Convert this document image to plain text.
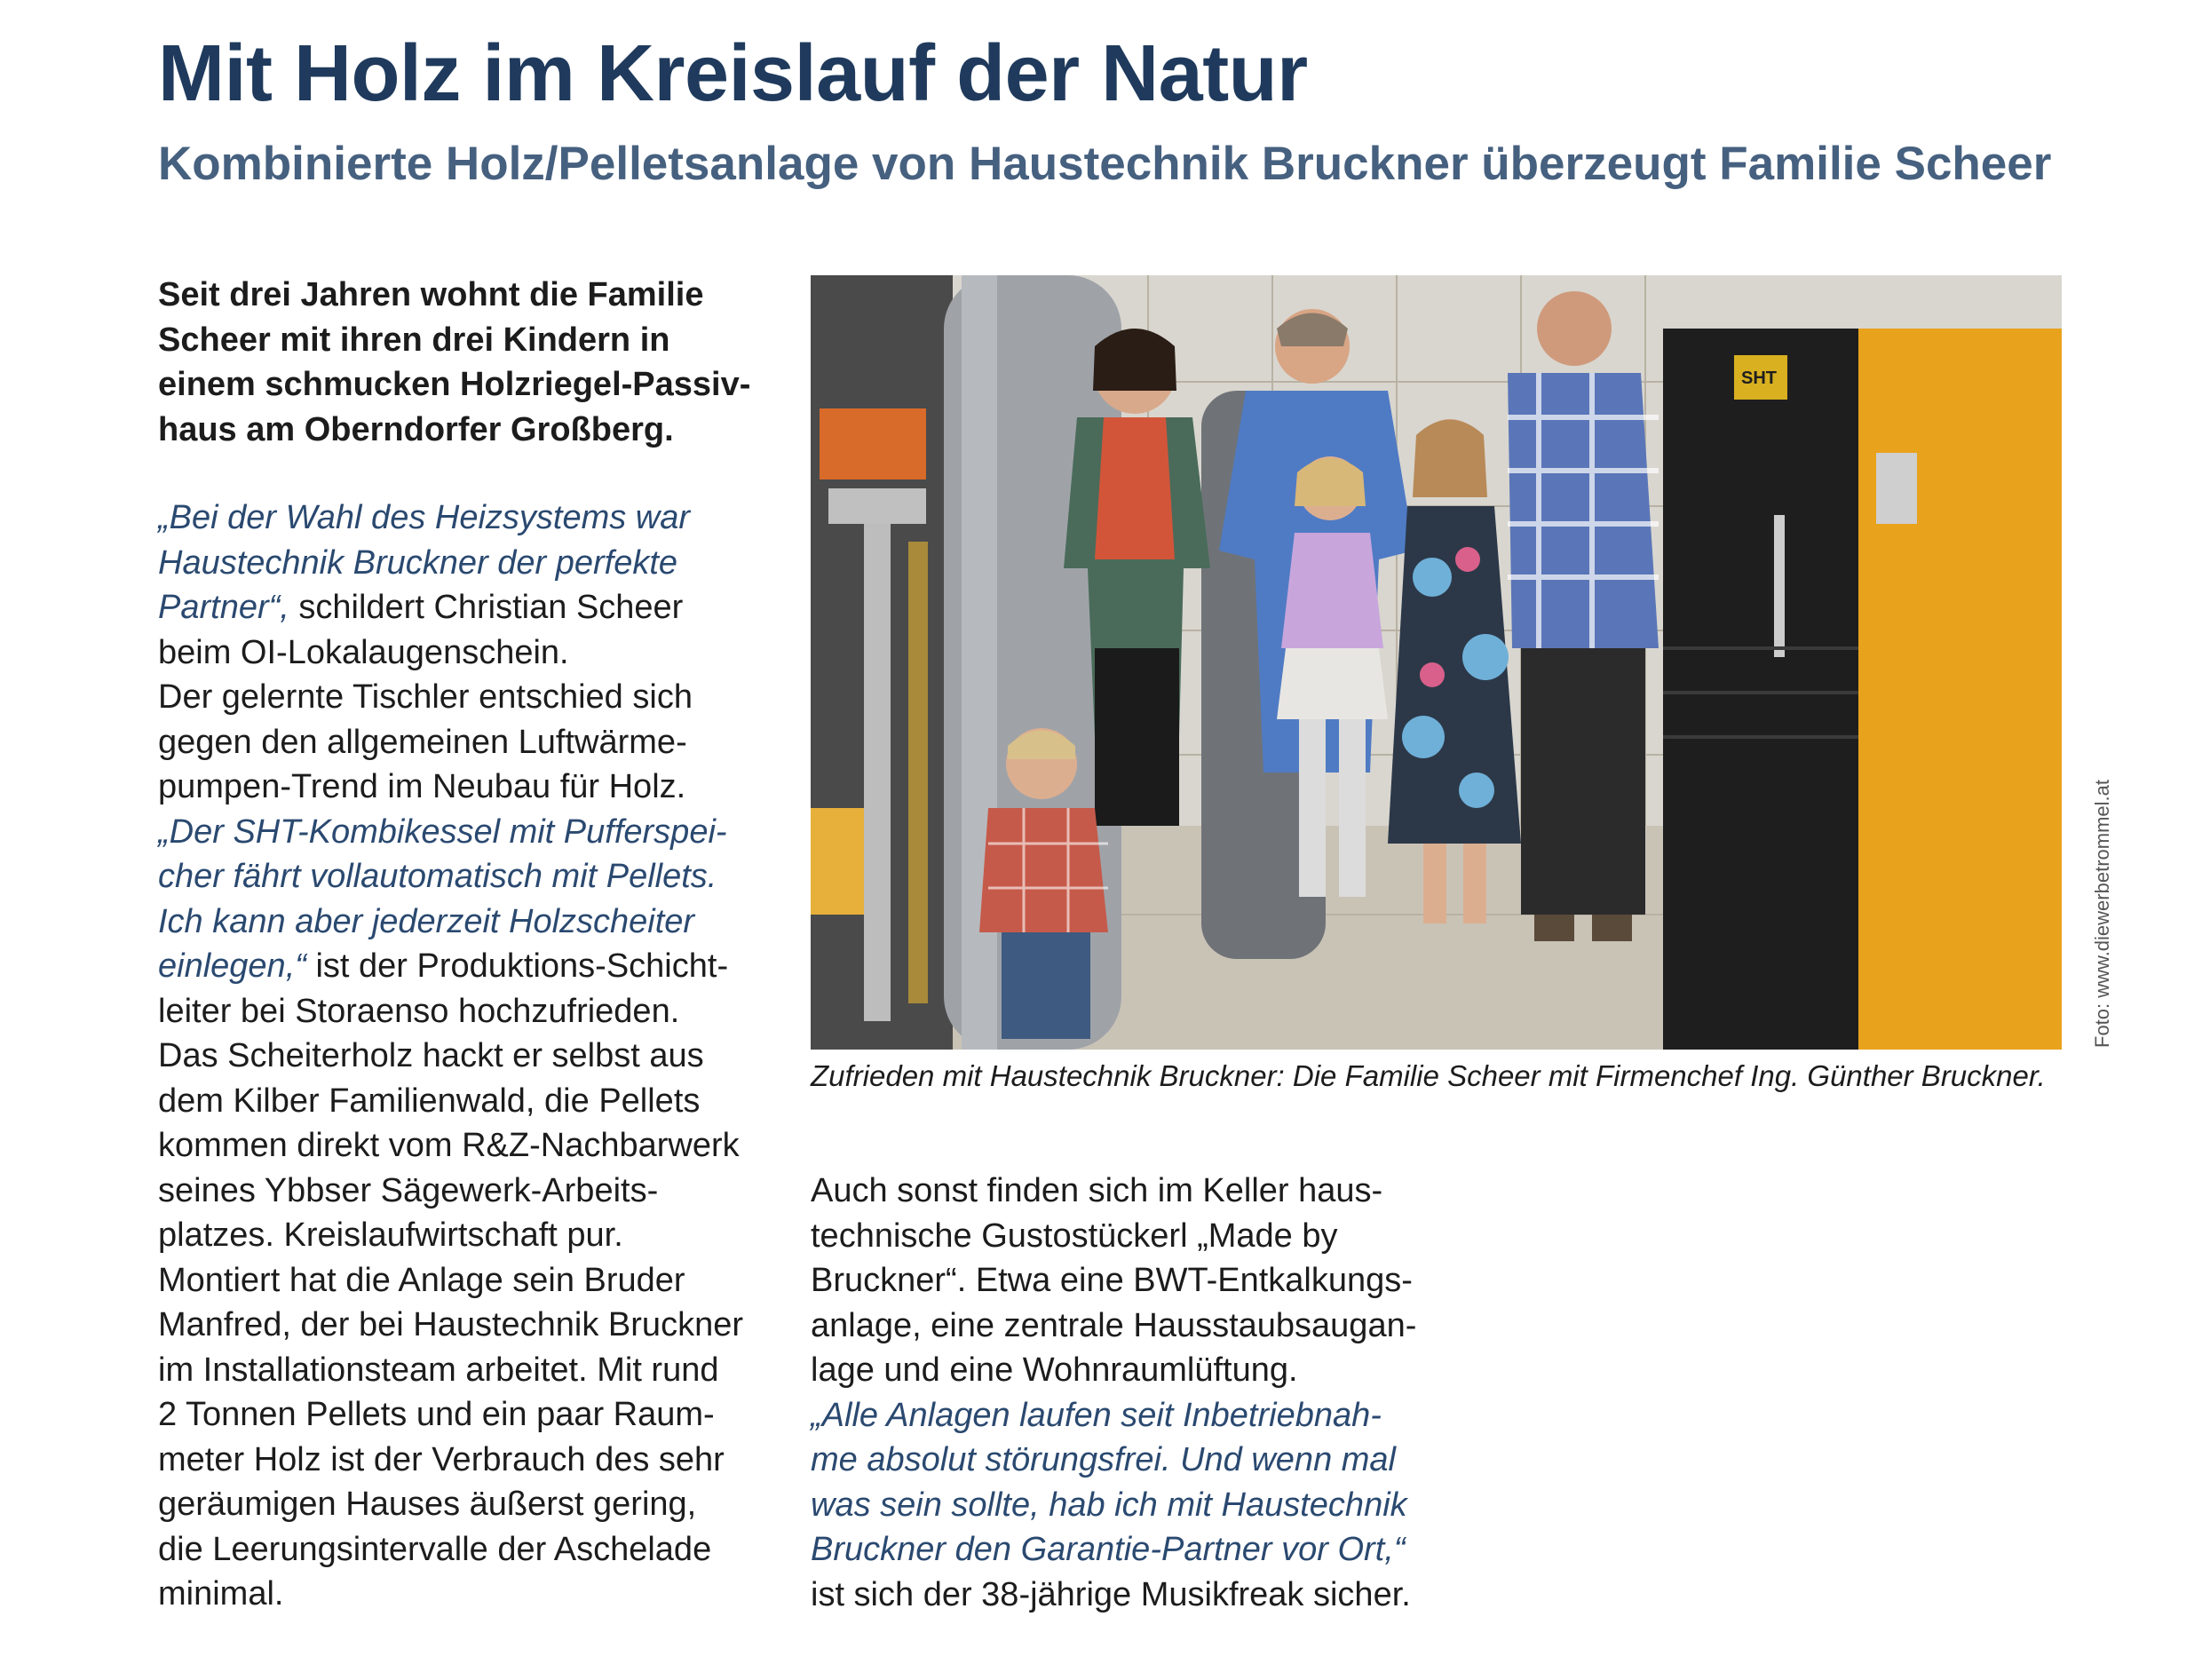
Mit Holz im Kreislauf der Natur
Kombinierte Holz/Pelletsanlage von Haustechnik Bruckner überzeugt Familie Scheer
Seit drei Jahren wohnt die Familie
Scheer mit ihren drei Kindern in
einem schmucken Holzriegel-Passiv-
haus am Oberndorfer Großberg.
„Bei der Wahl des Heizsystems war
Haustechnik Bruckner der perfekte
Partner“, schildert Christian Scheer
beim OI-Lokalaugenschein.
Der gelernte Tischler entschied sich
gegen den allgemeinen Luftwärme-
pumpen-Trend im Neubau für Holz.
„Der SHT-Kombikessel mit Pufferspei-
cher fährt vollautomatisch mit Pellets.
Ich kann aber jederzeit Holzscheiter
einlegen,“ ist der Produktions-Schicht-
leiter bei Storaenso hochzufrieden.
Das Scheiterholz hackt er selbst aus
dem Kilber Familienwald, die Pellets
kommen direkt vom R&Z-Nachbarwerk
seines Ybbser Sägewerk-Arbeits-
platzes. Kreislaufwirtschaft pur.
Montiert hat die Anlage sein Bruder
Manfred, der bei Haustechnik Bruckner
im Installationsteam arbeitet. Mit rund
2 Tonnen Pellets und ein paar Raum-
meter Holz ist der Verbrauch des sehr
geräumigen Hauses äußerst gering,
die Leerungsintervalle der Aschelade
minimal.
Auch sonst finden sich im Keller haus-
technische Gustostückerl „Made by
Bruckner“. Etwa eine BWT-Entkalkungs-
anlage, eine zentrale Hausstaubsaugan-
lage und eine Wohnraumlüftung.
„Alle Anlagen laufen seit Inbetriebnah-
me absolut störungsfrei. Und wenn mal
was sein sollte, hab ich mit Haustechnik
Bruckner den Garantie-Partner vor Ort,“
ist sich der 38-jährige Musikfreak sicher.
SHT
Foto: www.diewerbetrommel.at
Zufrieden mit Haustechnik Bruckner: Die Familie Scheer mit Firmenchef Ing. Günther Bruckner.
